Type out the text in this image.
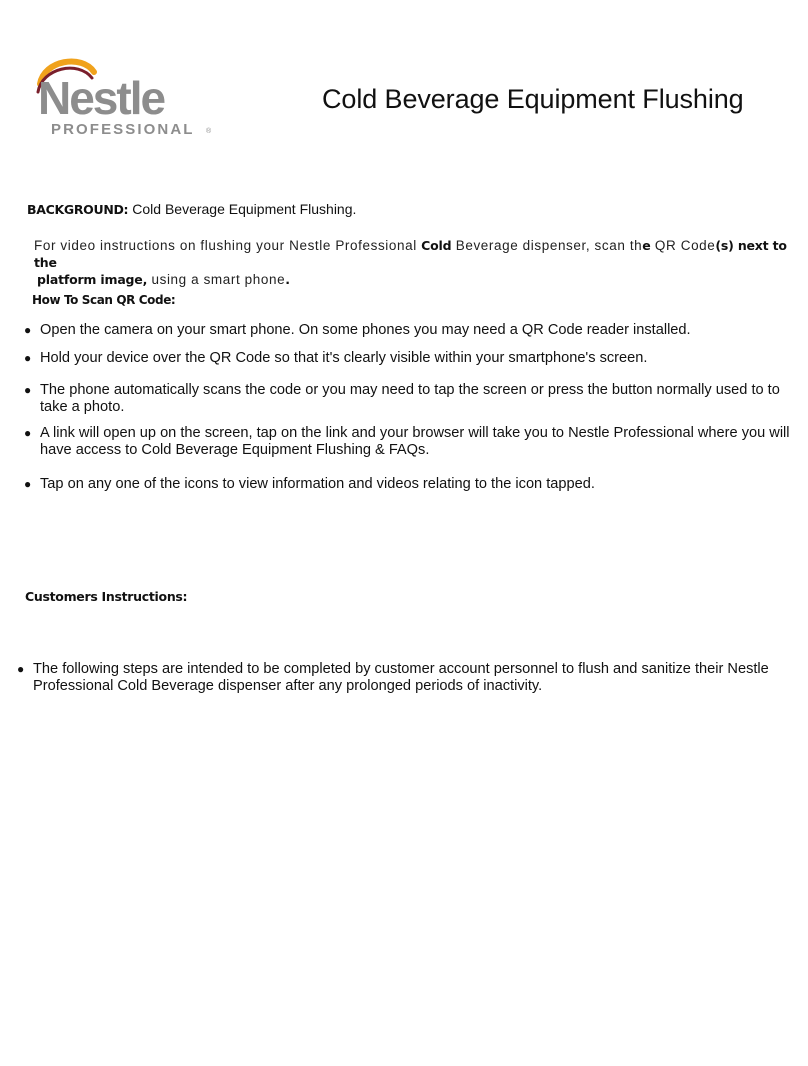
Nestle
PROFESSIONAL ®
Cold Beverage Equipment Flushing
BACKGROUND: Cold Beverage Equipment Flushing.
For video instructions on flushing your Nestle Professional Cold Beverage dispenser, scan the QR Code(s) next to the
platform image, using a smart phone.
How To Scan QR Code:
● Open the camera on your smart phone. On some phones you may need a QR Code reader installed.
● Hold your device over the QR Code so that it's clearly visible within your smartphone's screen.
● The phone automatically scans the code or you may need to tap the screen or press the button normally used to to take a photo.
● A link will open up on the screen, tap on the link and your browser will take you to Nestle Professional where you will have access to Cold Beverage Equipment Flushing & FAQs.
● Tap on any one of the icons to view information and videos relating to the icon tapped.
Customers Instructions:
● The following steps are intended to be completed by customer account personnel to flush and sanitize their Nestle Professional Cold Beverage dispenser after any prolonged periods of inactivity.
